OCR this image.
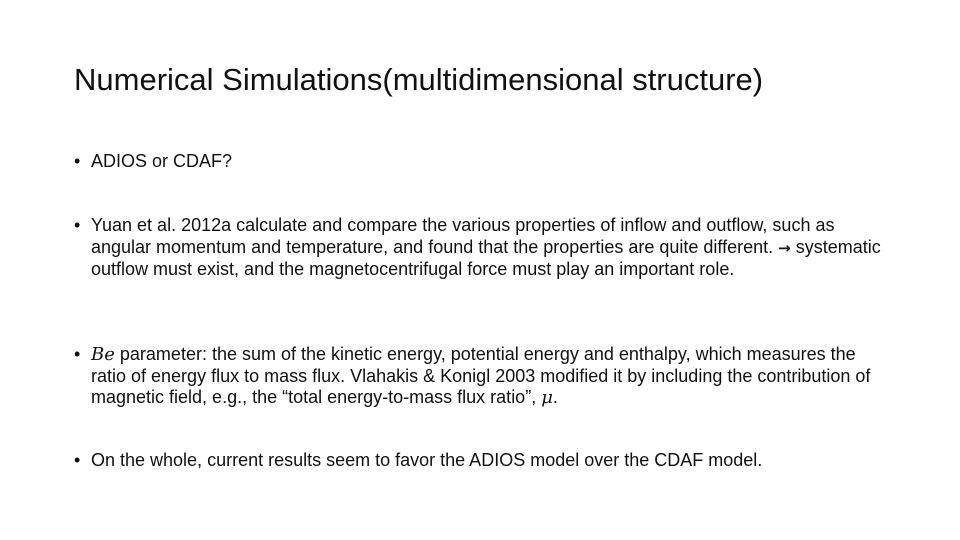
Numerical Simulations(multidimensional structure)
• ADIOS or CDAF?
• Yuan et al. 2012a calculate and compare the various properties of inflow and outflow, such as angular momentum and temperature, and found that the properties are quite different. → systematic outflow must exist, and the magnetocentrifugal force must play an important role.
• Be parameter: the sum of the kinetic energy, potential energy and enthalpy, which measures the ratio of energy flux to mass flux. Vlahakis & Konigl 2003 modified it by including the contribution of magnetic field, e.g., the “total energy-to-mass flux ratio”, μ.
• On the whole, current results seem to favor the ADIOS model over the CDAF model.
